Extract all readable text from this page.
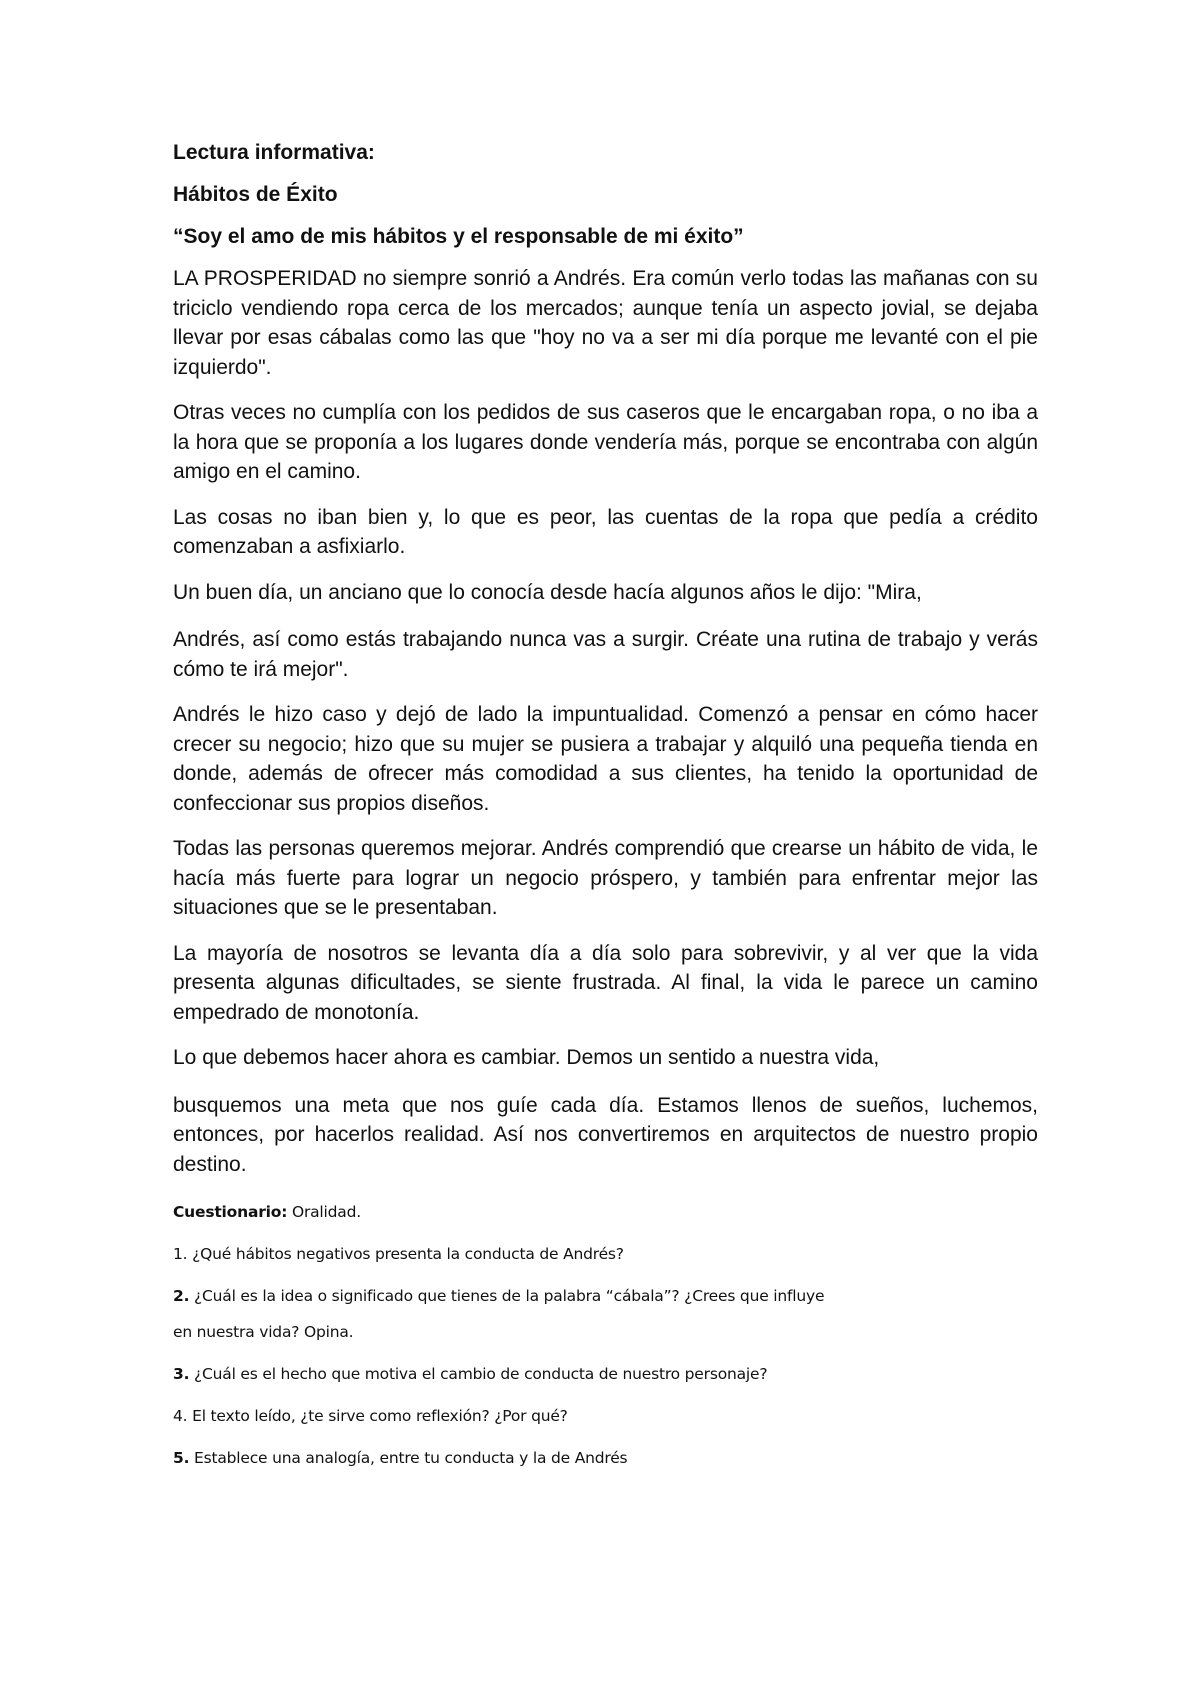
Lectura informativa:

Hábitos de Éxito

“Soy el amo de mis hábitos y el responsable de mi éxito”

LA PROSPERIDAD no siempre sonrió a Andrés. Era común verlo todas las mañanas con su triciclo vendiendo ropa cerca de los mercados; aunque tenía un aspecto jovial, se dejaba llevar por esas cábalas como las que "hoy no va a ser mi día porque me levanté con el pie izquierdo".

Otras veces no cumplía con los pedidos de sus caseros que le encargaban ropa, o no iba a la hora que se proponía a los lugares donde vendería más, porque se encontraba con algún amigo en el camino.

Las cosas no iban bien y, lo que es peor, las cuentas de la ropa que pedía a crédito comenzaban a asfixiarlo.

Un buen día, un anciano que lo conocía desde hacía algunos años le dijo: "Mira,

Andrés, así como estás trabajando nunca vas a surgir. Créate una rutina de trabajo y verás cómo te irá mejor".

Andrés le hizo caso y dejó de lado la impuntualidad. Comenzó a pensar en cómo hacer crecer su negocio; hizo que su mujer se pusiera a trabajar y alquiló una pequeña tienda en donde, además de ofrecer más comodidad a sus clientes, ha tenido la oportunidad de confeccionar sus propios diseños.

Todas las personas queremos mejorar. Andrés comprendió que crearse un hábito de vida, le hacía más fuerte para lograr un negocio próspero, y también para enfrentar mejor las situaciones que se le presentaban.

La mayoría de nosotros se levanta día a día solo para sobrevivir, y al ver que la vida presenta algunas dificultades, se siente frustrada. Al final, la vida le parece un camino empedrado de monotonía.

Lo que debemos hacer ahora es cambiar. Demos un sentido a nuestra vida,

busquemos una meta que nos guíe cada día. Estamos llenos de sueños, luchemos, entonces, por hacerlos realidad. Así nos convertiremos en arquitectos de nuestro propio destino.

Cuestionario: Oralidad.

1. ¿Qué hábitos negativos presenta la conducta de Andrés?

2. ¿Cuál es la idea o significado que tienes de la palabra “cábala”? ¿Crees que influye

en nuestra vida? Opina.

3. ¿Cuál es el hecho que motiva el cambio de conducta de nuestro personaje?

4. El texto leído, ¿te sirve como reflexión? ¿Por qué?

5. Establece una analogía, entre tu conducta y la de Andrés
